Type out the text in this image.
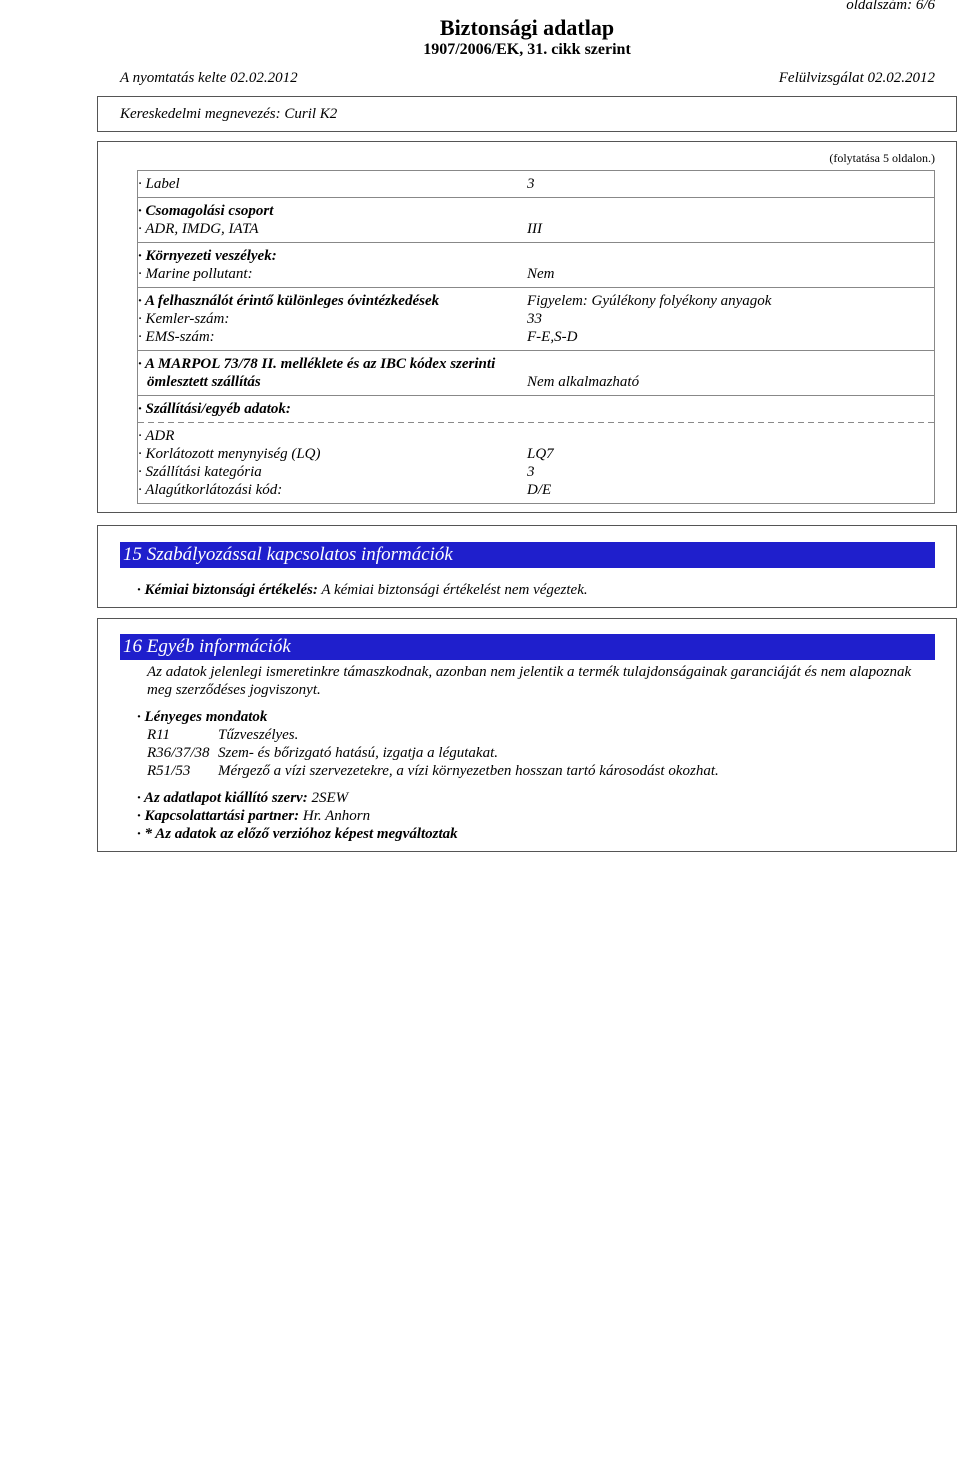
oldalszám: 6/6
Biztonsági adatlap
1907/2006/EK, 31. cikk szerint
A nyomtatás kelte 02.02.2012	Felülvizsgálat 02.02.2012
Kereskedelmi megnevezés: Curil K2
(folytatása 5 oldalon.)
· Label	3
· Csomagolási csoport
· ADR, IMDG, IATA	III
· Környezeti veszélyek:
· Marine pollutant:	Nem
· A felhasználót érintő különleges óvintézkedések	Figyelem: Gyúlékony folyékony anyagok
· Kemler-szám:	33
· EMS-szám:	F-E,S-D
· A MARPOL 73/78 II. melléklete és az IBC kódex szerinti
ömlesztett szállítás	Nem alkalmazható
· Szállítási/egyéb adatok:
· ADR
· Korlátozott menynyiség (LQ)	LQ7
· Szállítási kategória	3
· Alagútkorlátozási kód:	D/E
15 Szabályozással kapcsolatos információk
· Kémiai biztonsági értékelés: A kémiai biztonsági értékelést nem végeztek.
16 Egyéb információk
Az adatok jelenlegi ismeretinkre támaszkodnak, azonban nem jelentik a termék tulajdonságainak garanciáját és nem alapoznak meg szerződéses jogviszonyt.
· Lényeges mondatok
R11	Tűzveszélyes.
R36/37/38 Szem- és bőrizgató hatású, izgatja a légutakat.
R51/53 Mérgező a vízi szervezetekre, a vízi környezetben hosszan tartó károsodást okozhat.
· Az adatlapot kiállító szerv: 2SEW
· Kapcsolattartási partner: Hr. Anhorn
· * Az adatok az előző verzióhoz képest megváltoztak
